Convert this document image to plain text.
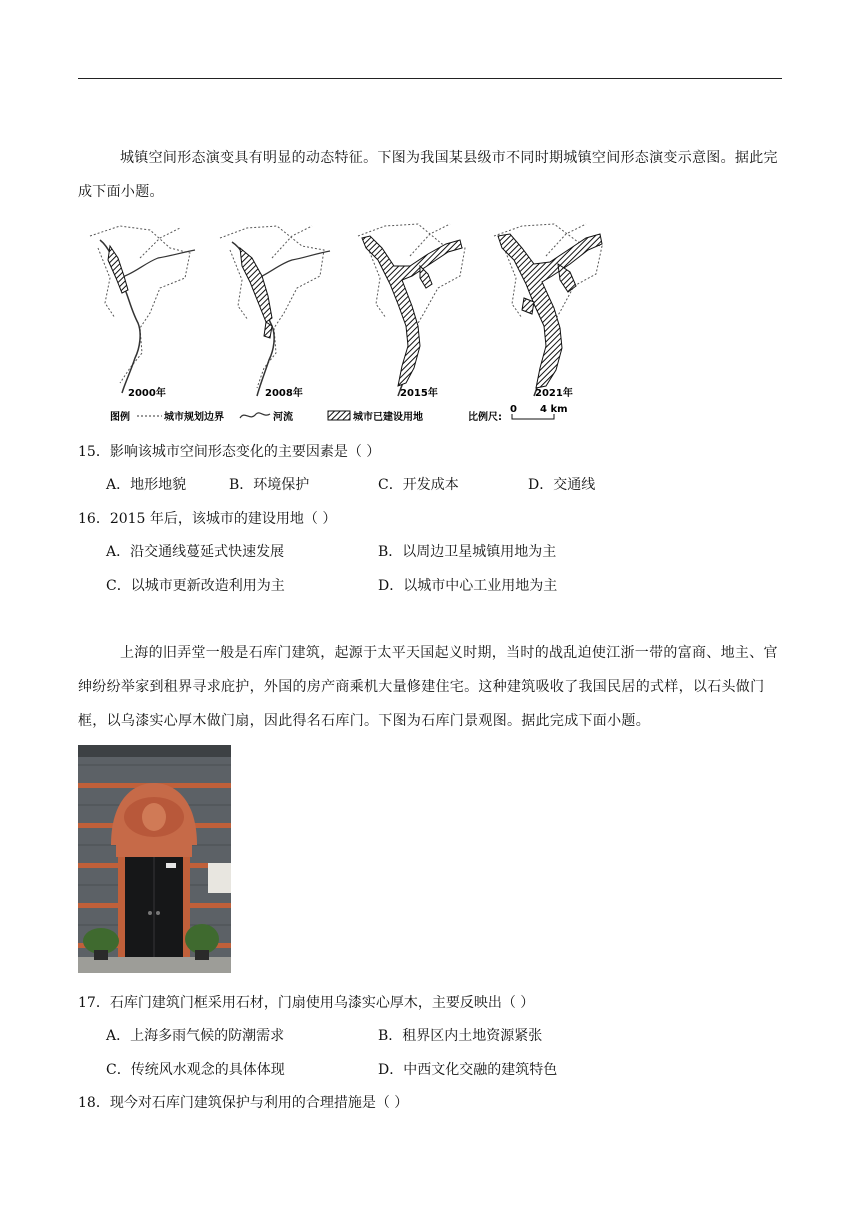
城镇空间形态演变具有明显的动态特征。下图为我国某县级市不同时期城镇空间形态演变示意图。据此完成下面小题。
2000年	2008年	2015年	2021年
图例	城市规划边界	河流	城市已建设用地	比例尺:
0 4 km
15．影响该城市空间形态变化的主要因素是（ ）
A．地形地貌	B．环境保护	C．开发成本	D．交通线
16．2015 年后，该城市的建设用地（ ）
A．沿交通线蔓延式快速发展	B．以周边卫星城镇用地为主
C．以城市更新改造利用为主	D．以城市中心工业用地为主
上海的旧弄堂一般是石库门建筑，起源于太平天国起义时期，当时的战乱迫使江浙一带的富商、地主、官绅纷纷举家到租界寻求庇护，外国的房产商乘机大量修建住宅。这种建筑吸收了我国民居的式样，以石头做门框，以乌漆实心厚木做门扇，因此得名石库门。下图为石库门景观图。据此完成下面小题。
17．石库门建筑门框采用石材，门扇使用乌漆实心厚木，主要反映出（ ）
A．上海多雨气候的防潮需求	B．租界区内土地资源紧张
C．传统风水观念的具体体现	D．中西文化交融的建筑特色
18．现今对石库门建筑保护与利用的合理措施是（ ）
